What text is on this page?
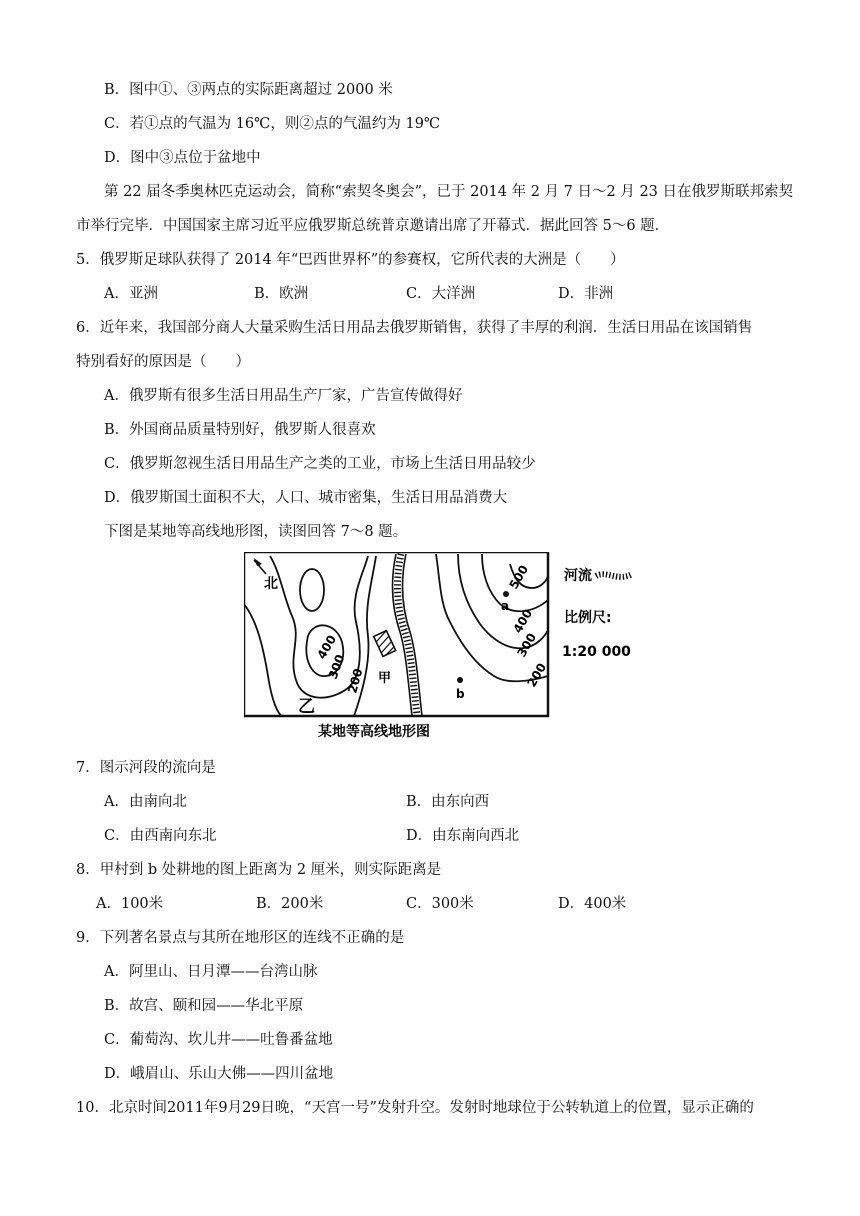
B．图中①、③两点的实际距离超过 2000 米
C．若①点的气温为 16℃，则②点的气温约为 19℃
D．图中③点位于盆地中
第 22 届冬季奥林匹克运动会，简称“索契冬奥会”，已于 2014 年 2 月 7 日～2 月 23 日在俄罗斯联邦索契
市举行完毕．中国国家主席习近平应俄罗斯总统普京邀请出席了开幕式．据此回答 5～6 题．
5．俄罗斯足球队获得了 2014 年“巴西世界杯”的参赛权，它所代表的大洲是（　　）
A．亚洲	B．欧洲	C．大洋洲	D．非洲
6．近年来，我国部分商人大量采购生活日用品去俄罗斯销售，获得了丰厚的利润．生活日用品在该国销售
特别看好的原因是（　　）
A．俄罗斯有很多生活日用品生产厂家，广告宣传做得好
B．外国商品质量特别好，俄罗斯人很喜欢
C．俄罗斯忽视生活日用品生产之类的工业，市场上生活日用品较少
D．俄罗斯国土面积不大，人口、城市密集，生活日用品消费大
下图是某地等高线地形图，读图回答 7～8 题。
北
甲
乙
500
400
300
200
400
300
200
a
b
河流
比例尺:
1:20 000
某地等高线地形图
7．图示河段的流向是
A．由南向北	B．由东向西
C．由西南向东北	D．由东南向西北
8．甲村到 b 处耕地的图上距离为 2 厘米，则实际距离是
A．100米	B．200米	C．300米	D．400米
9．下列著名景点与其所在地形区的连线不正确的是
A．阿里山、日月潭——台湾山脉
B．故宫、颐和园——华北平原
C．葡萄沟、坎儿井——吐鲁番盆地
D．峨眉山、乐山大佛——四川盆地
10．北京时间2011年9月29日晚，“天宫一号”发射升空。发射时地球位于公转轨道上的位置，显示正确的
